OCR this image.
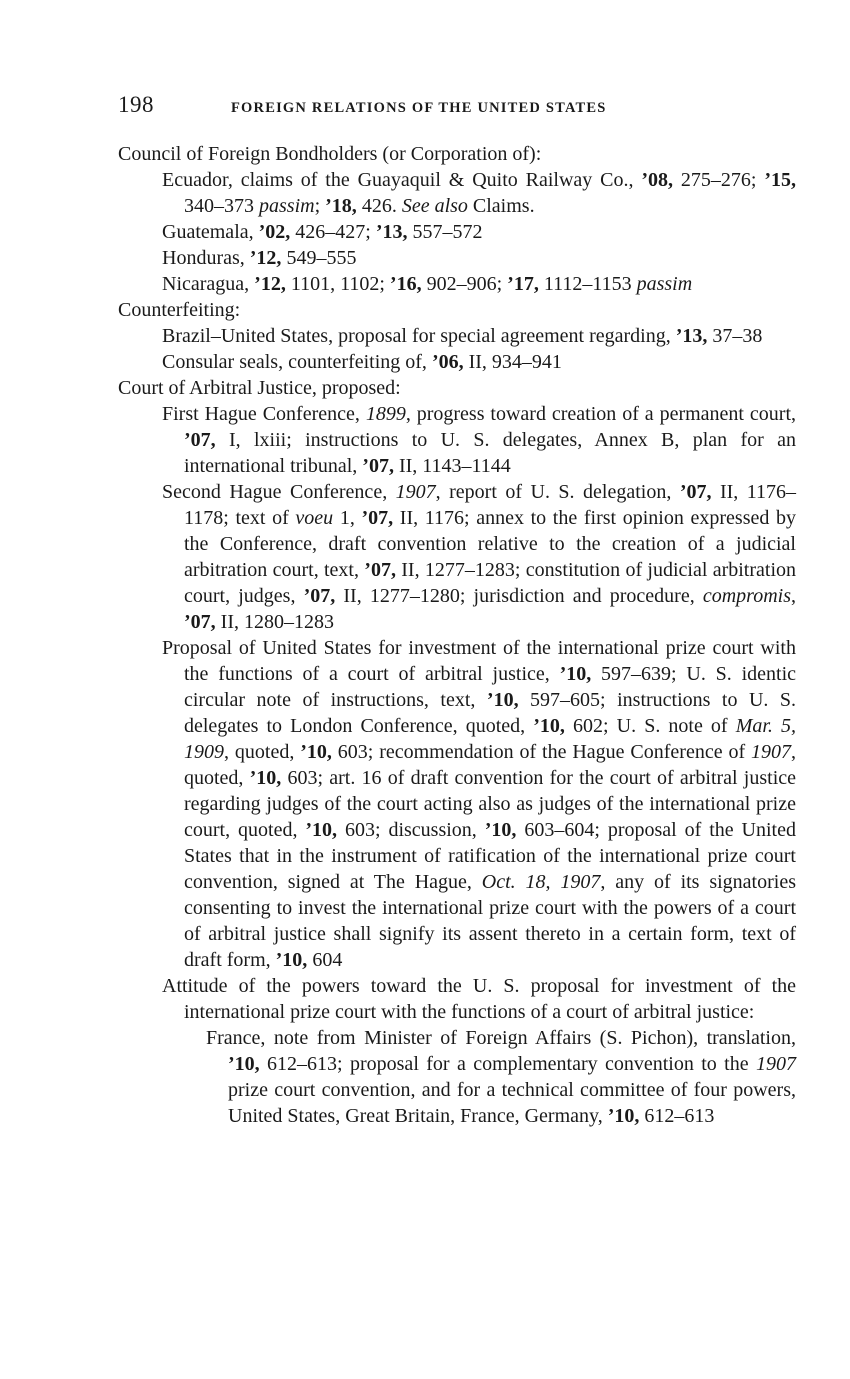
198	FOREIGN RELATIONS OF THE UNITED STATES
Council of Foreign Bondholders (or Corporation of):
Ecuador, claims of the Guayaquil & Quito Railway Co., ’08, 275–276; ’15, 340–373 passim; ’18, 426. See also Claims.
Guatemala, ’02, 426–427; ’13, 557–572
Honduras, ’12, 549–555
Nicaragua, ’12, 1101, 1102; ’16, 902–906; ’17, 1112–1153 passim
Counterfeiting:
Brazil–United States, proposal for special agreement regarding, ’13, 37–38
Consular seals, counterfeiting of, ’06, II, 934–941
Court of Arbitral Justice, proposed:
First Hague Conference, 1899, progress toward creation of a permanent court, ’07, I, lxiii; instructions to U. S. delegates, Annex B, plan for an international tribunal, ’07, II, 1143–1144
Second Hague Conference, 1907, report of U. S. delegation, ’07, II, 1176–1178; text of voeu 1, ’07, II, 1176; annex to the first opinion expressed by the Conference, draft convention relative to the creation of a judicial arbitration court, text, ’07, II, 1277–1283; constitution of judicial arbitration court, judges, ’07, II, 1277–1280; jurisdiction and procedure, compromis, ’07, II, 1280–1283
Proposal of United States for investment of the international prize court with the functions of a court of arbitral justice, ’10, 597–639; U. S. identic circular note of instructions, text, ’10, 597–605; instructions to U. S. delegates to London Conference, quoted, ’10, 602; U. S. note of Mar. 5, 1909, quoted, ’10, 603; recommendation of the Hague Conference of 1907, quoted, ’10, 603; art. 16 of draft convention for the court of arbitral justice regarding judges of the court acting also as judges of the international prize court, quoted, ’10, 603; discussion, ’10, 603–604; proposal of the United States that in the instrument of ratification of the international prize court convention, signed at The Hague, Oct. 18, 1907, any of its signatories consenting to invest the international prize court with the powers of a court of arbitral justice shall signify its assent thereto in a certain form, text of draft form, ’10, 604
Attitude of the powers toward the U. S. proposal for investment of the international prize court with the functions of a court of arbitral justice:
France, note from Minister of Foreign Affairs (S. Pichon), translation, ’10, 612–613; proposal for a complementary convention to the 1907 prize court convention, and for a technical committee of four powers, United States, Great Britain, France, Germany, ’10, 612–613
